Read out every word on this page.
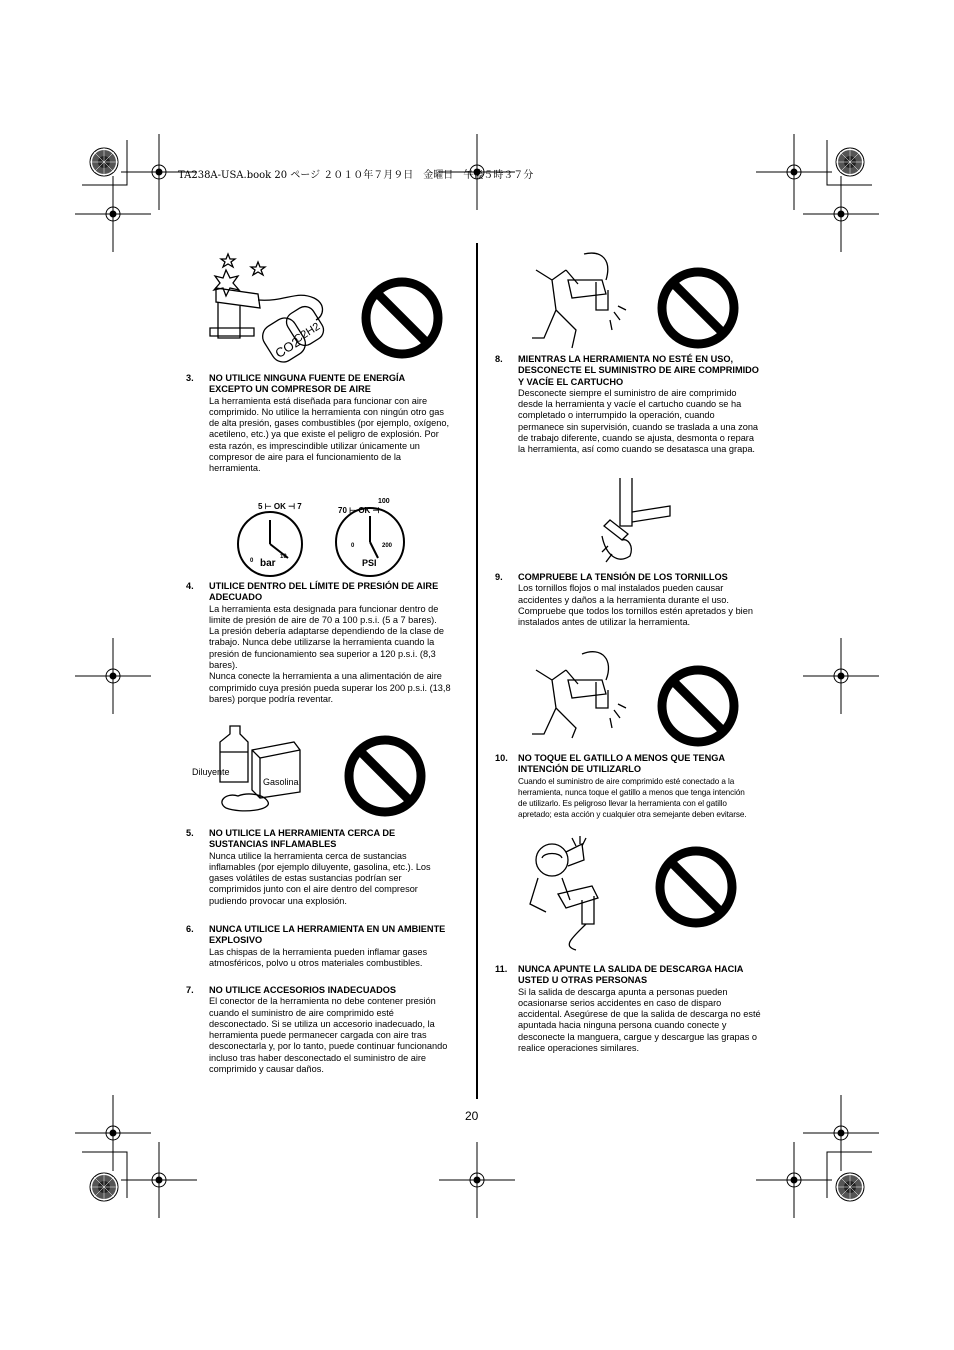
TA238A-USA.book 20 ページ ２０１０年７月９日　金曜日　午後５時３７分
CO2
C2H2
3. NO UTILICE NINGUNA FUENTE DE ENERGÍA
EXCEPTO UN COMPRESOR DE AIRE
La herramienta está diseñada para funcionar con aire
comprimido. No utilice la herramienta con ningún otro gas
de alta presión, gases combustibles (por ejemplo, oxígeno,
acetileno, etc.) ya que existe el peligro de explosión. Por
esta razón, es imprescindible utilizar únicamente un
compresor de aire para el funcionamiento de la
herramienta.
5 ⊢ OK ⊣ 7
0
10
bar
70 ⊢ OK ⊣
100
0	200
PSI
4. UTILICE DENTRO DEL LÍMITE DE PRESIÓN DE AIRE
ADECUADO
La herramienta esta designada para funcionar dentro de
limite de presión de aire de 70 a 100 p.s.i. (5 a 7 bares).
La presión debería adaptarse dependiendo de la clase de
trabajo. Nunca debe utilizarse la herramienta cuando la
presión de funcionamiento sea superior a 120 p.s.i. (8,3
bares).
Nunca conecte la herramienta a una alimentación de aire
comprimido cuya presión pueda superar los 200 p.s.i. (13,8
bares) porque podría reventar.
Diluyente
Gasolina
5. NO UTILICE LA HERRAMIENTA CERCA DE
SUSTANCIAS INFLAMABLES
Nunca utilice la herramienta cerca de sustancias
inflamables (por ejemplo diluyente, gasolina, etc.). Los
gases volátiles de estas sustancias podrían ser
comprimidos junto con el aire dentro del compresor
pudiendo provocar una explosión.
6. NUNCA UTILICE LA HERRAMIENTA EN UN AMBIENTE
EXPLOSIVO
Las chispas de la herramienta pueden inflamar gases
atmosféricos, polvo u otros materiales combustibles.
7. NO UTILICE ACCESORIOS INADECUADOS
El conector de la herramienta no debe contener presión
cuando el suministro de aire comprimido esté
desconectado. Si se utiliza un accesorio inadecuado, la
herramienta puede permanecer cargada con aire tras
desconectarla y, por lo tanto, puede continuar funcionando
incluso tras haber desconectado el suministro de aire
comprimido y causar daños.
8. MIENTRAS LA HERRAMIENTA NO ESTÉ EN USO,
DESCONECTE EL SUMINISTRO DE AIRE COMPRIMIDO
Y VACÍE EL CARTUCHO
Desconecte siempre el suministro de aire comprimido
desde la herramienta y vacíe el cartucho cuando se ha
completado o interrumpido la operación, cuando
permanece sin supervisión, cuando se traslada a una zona
de trabajo diferente, cuando se ajusta, desmonta o repara
la herramienta, así como cuando se desatasca una grapa.
9. COMPRUEBE LA TENSIÓN DE LOS TORNILLOS
Los tornillos flojos o mal instalados pueden causar
accidentes y daños a la herramienta durante el uso.
Compruebe que todos los tornillos estén apretados y bien
instalados antes de utilizar la herramienta.
10. NO TOQUE EL GATILLO A MENOS QUE TENGA
INTENCIÓN DE UTILIZARLO
Cuando el suministro de aire comprimido esté conectado a la
herramienta, nunca toque el gatillo a menos que tenga intención
de utilizarlo. Es peligroso llevar la herramienta con el gatillo
apretado; esta acción y cualquier otra semejante deben evitarse.
11. NUNCA APUNTE LA SALIDA DE DESCARGA HACIA
USTED U OTRAS PERSONAS
Si la salida de descarga apunta a personas pueden
ocasionarse serios accidentes en caso de disparo
accidental. Asegúrese de que la salida de descarga no esté
apuntada hacia ninguna persona cuando conecte y
desconecte la manguera, cargue y descargue las grapas o
realice operaciones similares.
20
